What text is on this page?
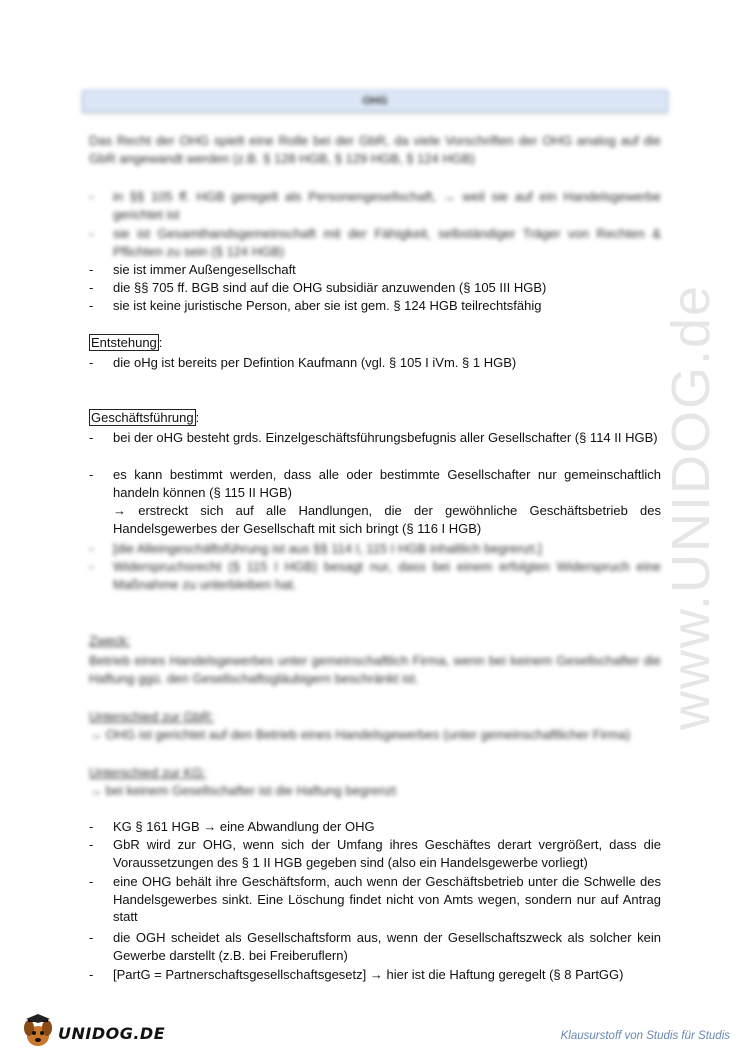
www.UNIDOG.de
OHG
Das Recht der OHG spielt eine Rolle bei der GbR, da viele Vorschriften der OHG analog auf die GbR angewandt werden (z.B. § 128 HGB, § 129 HGB, § 124 HGB)
- in §§ 105 ff. HGB geregelt als Personengesellschaft, → weil sie auf ein Handelsgewerbe gerichtet ist
- sie ist Gesamthandsgemeinschaft mit der Fähigkeit, selbständiger Träger von Rechten & Pflichten zu sein (§ 124 HGB)
- sie ist immer Außengesellschaft
- die §§ 705 ff. BGB sind auf die OHG subsidiär anzuwenden (§ 105 III HGB)
- sie ist keine juristische Person, aber sie ist gem. § 124 HGB teilrechtsfähig
Entstehung :
- die oHg ist bereits per Defintion Kaufmann (vgl. § 105 I iVm. § 1 HGB)
Geschäftsführung :
- bei der oHG besteht grds. Einzelgeschäftsführungsbefugnis aller Gesellschafter (§ 114 II HGB)
- es kann bestimmt werden, dass alle oder bestimmte Gesellschafter nur gemeinschaftlich handeln können (§ 115 II HGB)
→ erstreckt sich auf alle Handlungen, die der gewöhnliche Geschäftsbetrieb des Handelsgewerbes der Gesellschaft mit sich bringt (§ 116 I HGB)
- [die Alleingeschäftsführung ist aus §§ 114 I, 115 I HGB inhaltlich begrenzt.]
- Widerspruchsrecht (§ 115 I HGB) besagt nur, dass bei einem erfolgten Widerspruch eine Maßnahme zu unterbleiben hat.
Zweck:
Betrieb eines Handelsgewerbes unter gemeinschaftlich Firma, wenn bei keinem Gesellschafter die Haftung ggü. den Gesellschaftsgläubigern beschränkt ist.
Unterschied zur GbR:
→ OHG ist gerichtet auf den Betrieb eines Handelsgewerbes (unter gemeinschaftlicher Firma)
Unterschied zur KG:
→ bei keinem Gesellschafter ist die Haftung begrenzt
- KG § 161 HGB → eine Abwandlung der OHG
- GbR wird zur OHG, wenn sich der Umfang ihres Geschäftes derart vergrößert, dass die Voraussetzungen des § 1 II HGB gegeben sind (also ein Handelsgewerbe vorliegt)
- eine OHG behält ihre Geschäftsform, auch wenn der Geschäftsbetrieb unter die Schwelle des Handelsgewerbes sinkt. Eine Löschung findet nicht von Amts wegen, sondern nur auf Antrag statt
- die OGH scheidet als Gesellschaftsform aus, wenn der Gesellschaftszweck als solcher kein Gewerbe darstellt (z.B. bei Freiberuflern)
- [PartG = Partnerschaftsgesellschaftsgesetz] → hier ist die Haftung geregelt (§ 8 PartGG)
UNIDOG.DE	Klausurstoff von Studis für Studis
